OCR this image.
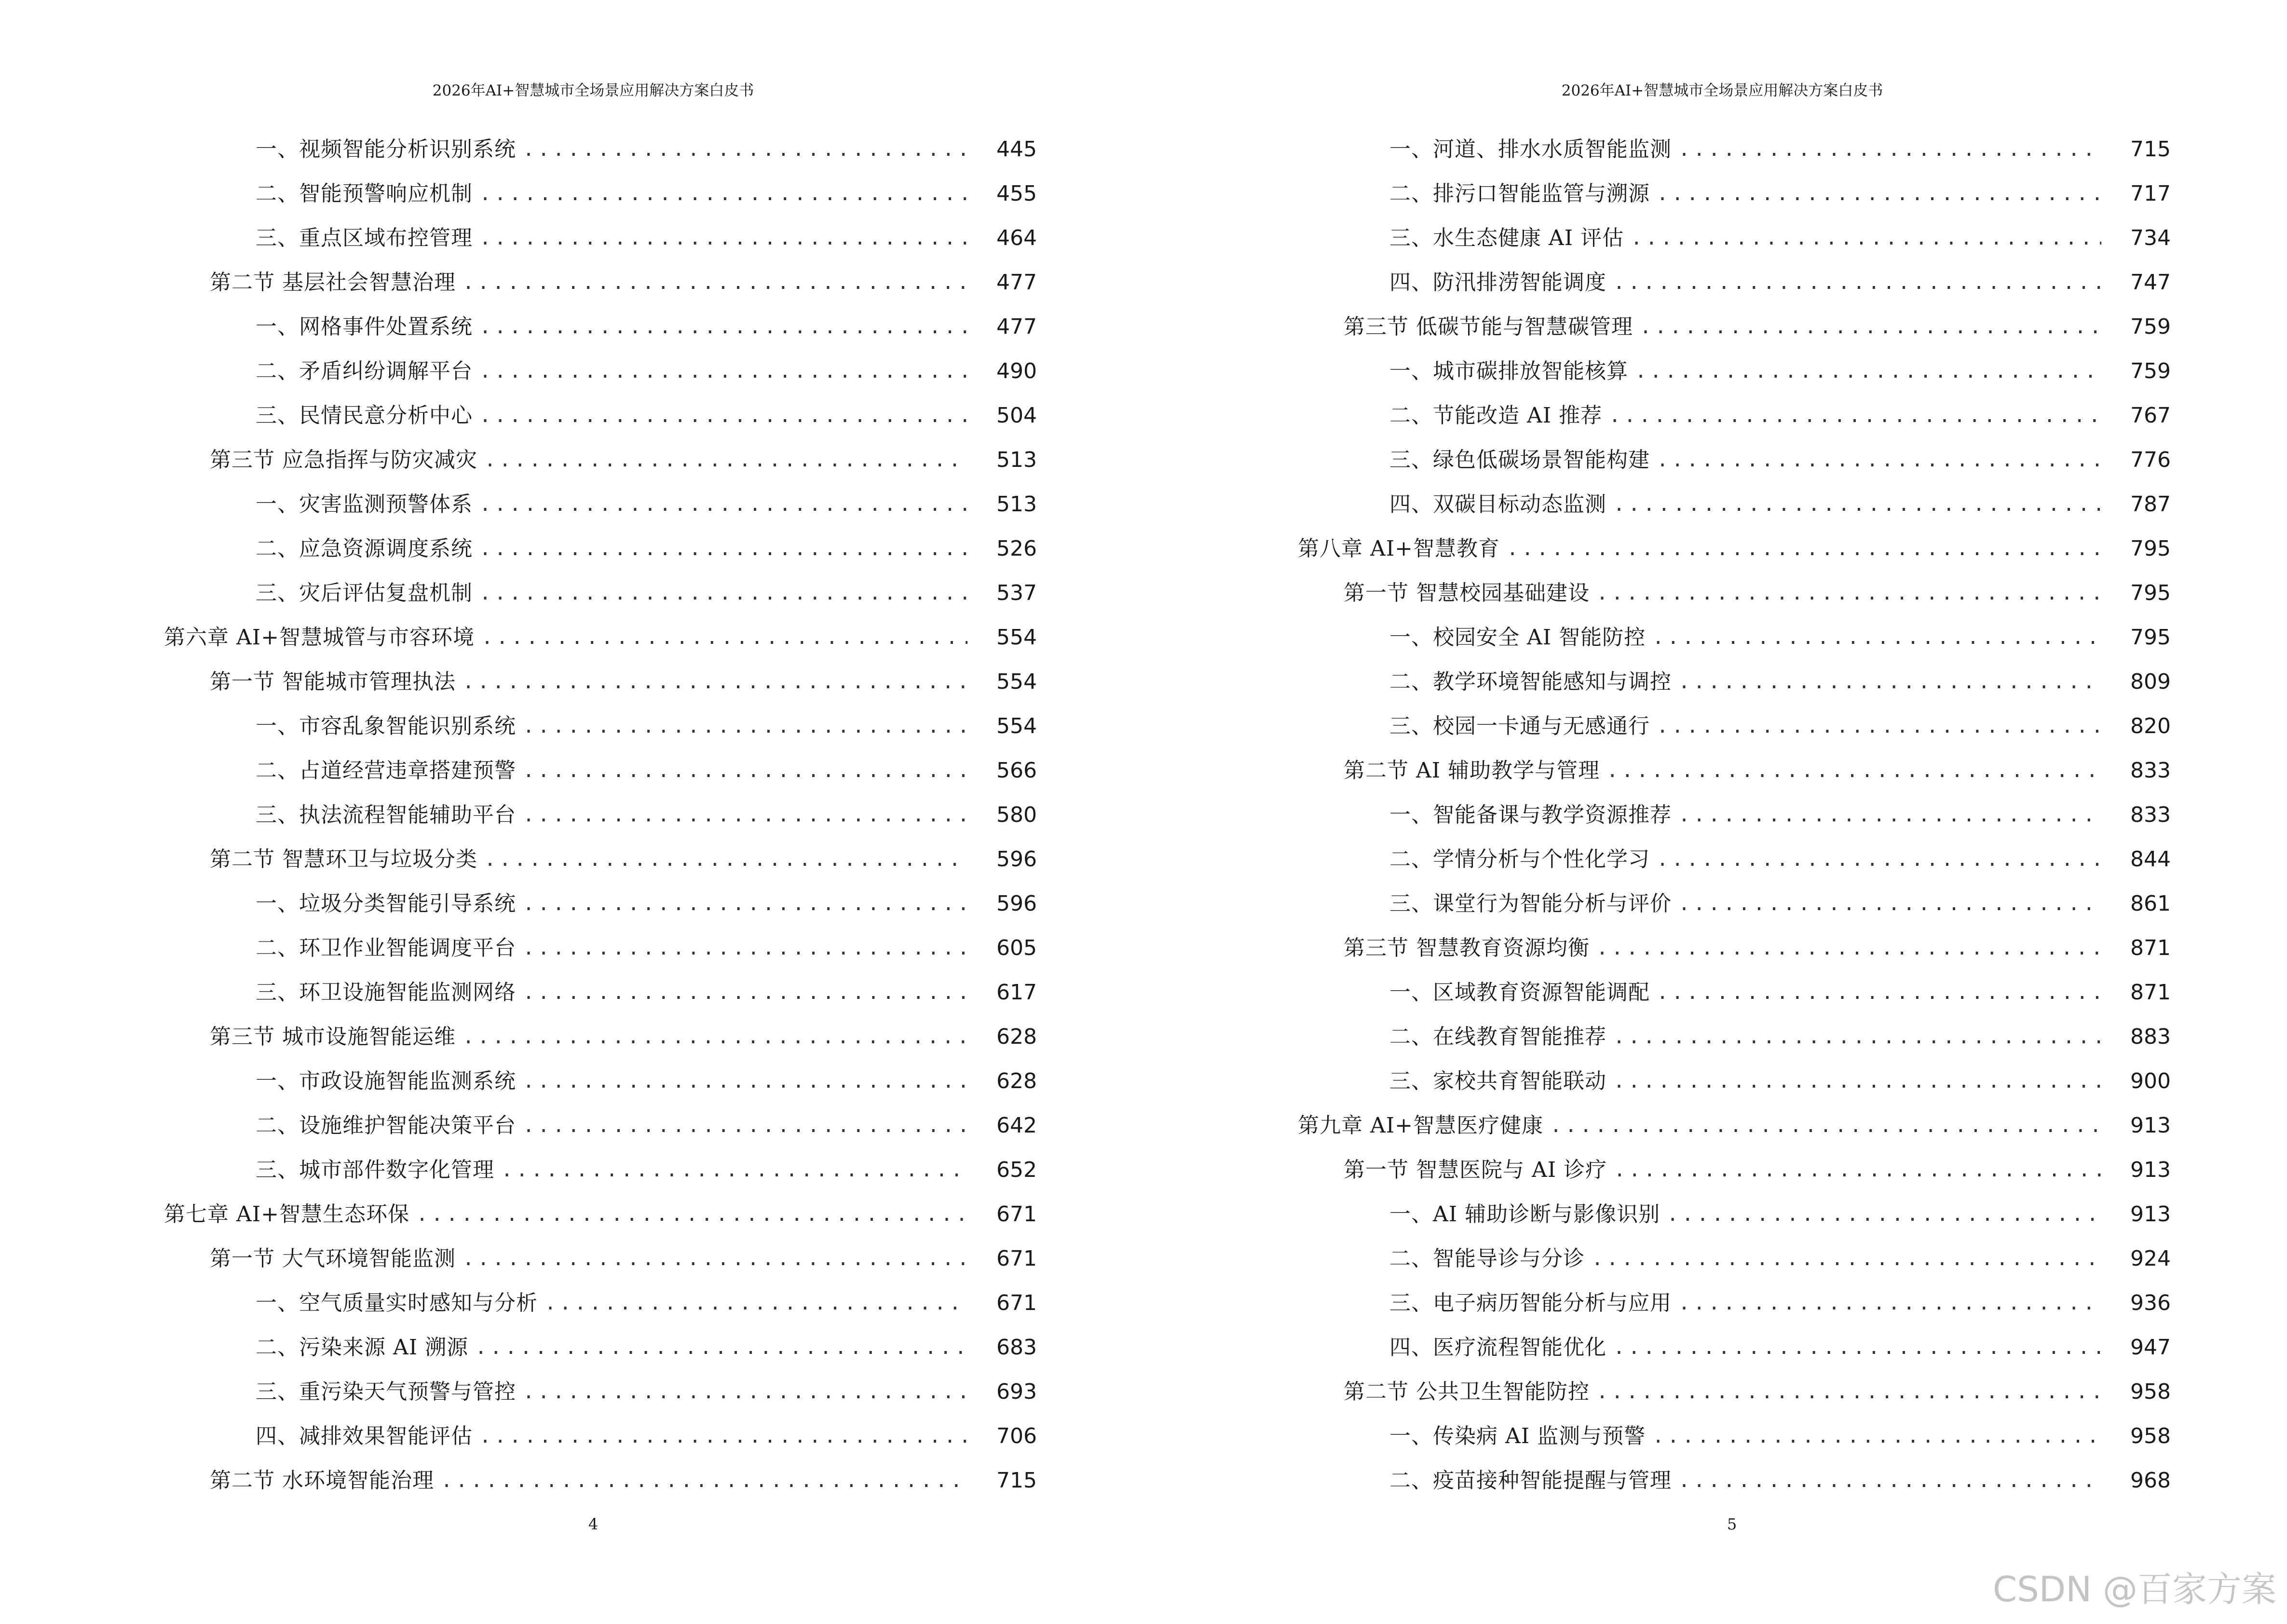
2026年AI+智慧城市全场景应用解决方案白皮书
一、视频智能分析识别系统 .....	445
二、智能预警响应机制 .....	455
三、重点区域布控管理 .....	464
第二节 基层社会智慧治理 .....	477
一、网格事件处置系统 .....	477
二、矛盾纠纷调解平台 .....	490
三、民情民意分析中心 .....	504
第三节 应急指挥与防灾减灾 .....	513
一、灾害监测预警体系 .....	513
二、应急资源调度系统 .....	526
三、灾后评估复盘机制 .....	537
第六章 AI+智慧城管与市容环境 .....	554
第一节 智能城市管理执法 .....	554
一、市容乱象智能识别系统 .....	554
二、占道经营违章搭建预警 .....	566
三、执法流程智能辅助平台 .....	580
第二节 智慧环卫与垃圾分类 .....	596
一、垃圾分类智能引导系统 .....	596
二、环卫作业智能调度平台 .....	605
三、环卫设施智能监测网络 .....	617
第三节 城市设施智能运维 .....	628
一、市政设施智能监测系统 .....	628
二、设施维护智能决策平台 .....	642
三、城市部件数字化管理 .....	652
第七章 AI+智慧生态环保 .....	671
第一节 大气环境智能监测 .....	671
一、空气质量实时感知与分析 .....	671
二、污染来源 AI 溯源 .....	683
三、重污染天气预警与管控 .....	693
四、减排效果智能评估 .....	706
第二节 水环境智能治理 .....	715
4
2026年AI+智慧城市全场景应用解决方案白皮书
一、河道、排水水质智能监测 .....	715
二、排污口智能监管与溯源 .....	717
三、水生态健康 AI 评估 .....	734
四、防汛排涝智能调度 .....	747
第三节 低碳节能与智慧碳管理 .....	759
一、城市碳排放智能核算 .....	759
二、节能改造 AI 推荐 .....	767
三、绿色低碳场景智能构建 .....	776
四、双碳目标动态监测 .....	787
第八章 AI+智慧教育 .....	795
第一节 智慧校园基础建设 .....	795
一、校园安全 AI 智能防控 .....	795
二、教学环境智能感知与调控 .....	809
三、校园一卡通与无感通行 .....	820
第二节 AI 辅助教学与管理 .....	833
一、智能备课与教学资源推荐 .....	833
二、学情分析与个性化学习 .....	844
三、课堂行为智能分析与评价 .....	861
第三节 智慧教育资源均衡 .....	871
一、区域教育资源智能调配 .....	871
二、在线教育智能推荐 .....	883
三、家校共育智能联动 .....	900
第九章 AI+智慧医疗健康 .....	913
第一节 智慧医院与 AI 诊疗 .....	913
一、AI 辅助诊断与影像识别 .....	913
二、智能导诊与分诊 .....	924
三、电子病历智能分析与应用 .....	936
四、医疗流程智能优化 .....	947
第二节 公共卫生智能防控 .....	958
一、传染病 AI 监测与预警 .....	958
二、疫苗接种智能提醒与管理 .....	968
5
CSDN @百家方案
